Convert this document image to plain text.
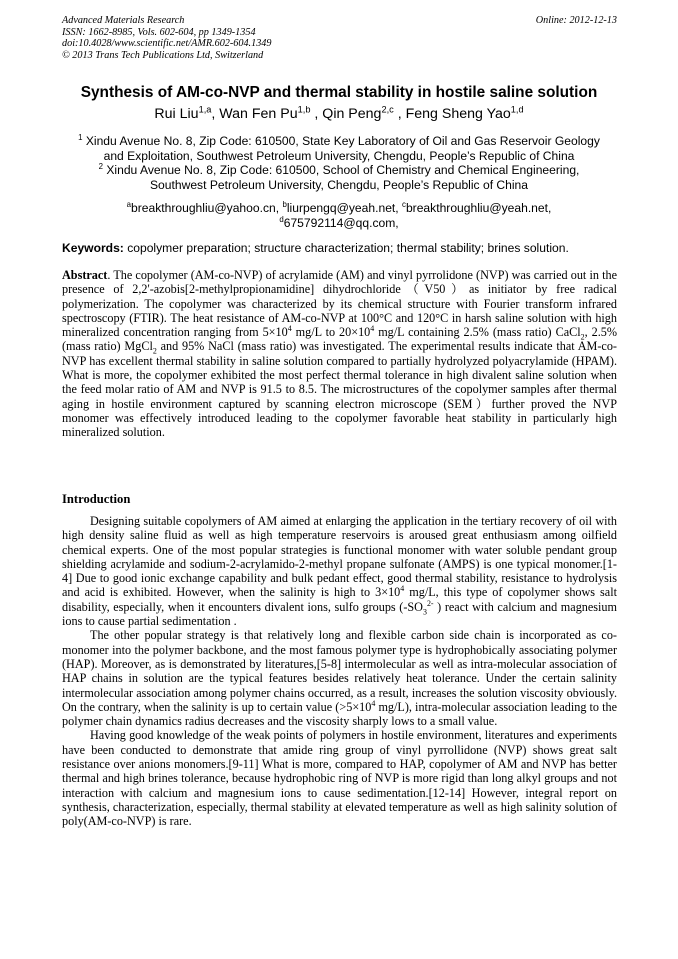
Advanced Materials Research
ISSN: 1662-8985, Vols. 602-604, pp 1349-1354
doi:10.4028/www.scientific.net/AMR.602-604.1349
© 2013 Trans Tech Publications Ltd, Switzerland
Online: 2012-12-13
Synthesis of AM-co-NVP and thermal stability in hostile saline solution
Rui Liu$^{1,a}$, Wan Fen Pu$^{1,b}$ , Qin Peng$^{2,c}$ , Feng Sheng Yao$^{1,d}$
$^1$ Xindu Avenue No. 8, Zip Code: 610500, State Key Laboratory of Oil and Gas Reservoir Geology
and Exploitation, Southwest Petroleum University, Chengdu, People’s Republic of China
$^2$ Xindu Avenue No. 8, Zip Code: 610500, School of Chemistry and Chemical Engineering,
Southwest Petroleum University, Chengdu, People’s Republic of China
$^a$breakthroughliu@yahoo.cn, $^b$liurpengq@yeah.net, $^c$breakthroughliu@yeah.net,
$^d$675792114@qq.com,
Keywords: copolymer preparation; structure characterization; thermal stability; brines solution.
Abstract. The copolymer (AM-co-NVP) of acrylamide (AM) and vinyl pyrrolidone (NVP) was carried out in the presence of 2,2'-azobis[2-methylpropionamidine] dihydrochloride（V50）as initiator by free radical polymerization. The copolymer was characterized by its chemical structure with Fourier transform infrared spectroscopy (FTIR). The heat resistance of AM-co-NVP at 100°C and 120°C in harsh saline solution with high mineralized concentration ranging from $5\times 10^4$ mg/L to $20\times 10^4$ mg/L containing 2.5% (mass ratio) CaCl$_2$, 2.5% (mass ratio) MgCl$_2$ and 95% NaCl (mass ratio) was investigated. The experimental results indicate that AM-co-NVP has excellent thermal stability in saline solution compared to partially hydrolyzed polyacrylamide (HPAM). What is more, the copolymer exhibited the most perfect thermal tolerance in high divalent saline solution when the feed molar ratio of AM and NVP is 91.5 to 8.5. The microstructures of the copolymer samples after thermal aging in hostile environment captured by scanning electron microscope (SEM）further proved the NVP monomer was effectively introduced leading to the copolymer favorable heat stability in particularly high mineralized solution.
Introduction

Designing suitable copolymers of AM aimed at enlarging the application in the tertiary recovery of oil with high density saline fluid as well as high temperature reservoirs is aroused great enthusiasm among oilfield chemical experts. One of the most popular strategies is functional monomer with water soluble pendant group shielding acrylamide and sodium-2-acrylamido-2-methyl propane sulfonate (AMPS) is one typical monomer.[1-4] Due to good ionic exchange capability and bulk pedant effect, good thermal stability, resistance to hydrolysis and acid is exhibited. However, when the salinity is high to $3\times 10^4$ mg/L, this type of copolymer shows salt disability, especially, when it encounters divalent ions, sulfo groups ($-SO_3^{2-}$ ) react with calcium and magnesium ions to cause partial sedimentation .

The other popular strategy is that relatively long and flexible carbon side chain is incorporated as co-monomer into the polymer backbone, and the most famous polymer type is hydrophobically associating polymer (HAP). Moreover, as is demonstrated by literatures,[5-8] intermolecular as well as intra-molecular association of HAP chains in solution are the typical features besides relatively heat tolerance. Under the certain salinity intermolecular association among polymer chains occurred, as a result, increases the solution viscosity obviously. On the contrary, when the salinity is up to certain value ($>5\times 10^4$ mg/L), intra-molecular association leading to the polymer chain dynamics radius decreases and the viscosity sharply lows to a small value.

Having good knowledge of the weak points of polymers in hostile environment, literatures and experiments have been conducted to demonstrate that amide ring group of vinyl pyrrollidone (NVP) shows great salt resistance over anions monomers.[9-11] What is more, compared to HAP, copolymer of AM and NVP has better thermal and high brines tolerance, because hydrophobic ring of NVP is more rigid than long alkyl groups and not interaction with calcium and magnesium ions to cause sedimentation.[12-14] However, integral report on synthesis, characterization, especially, thermal stability at elevated temperature as well as high salinity solution of poly(AM-co-NVP) is rare.
